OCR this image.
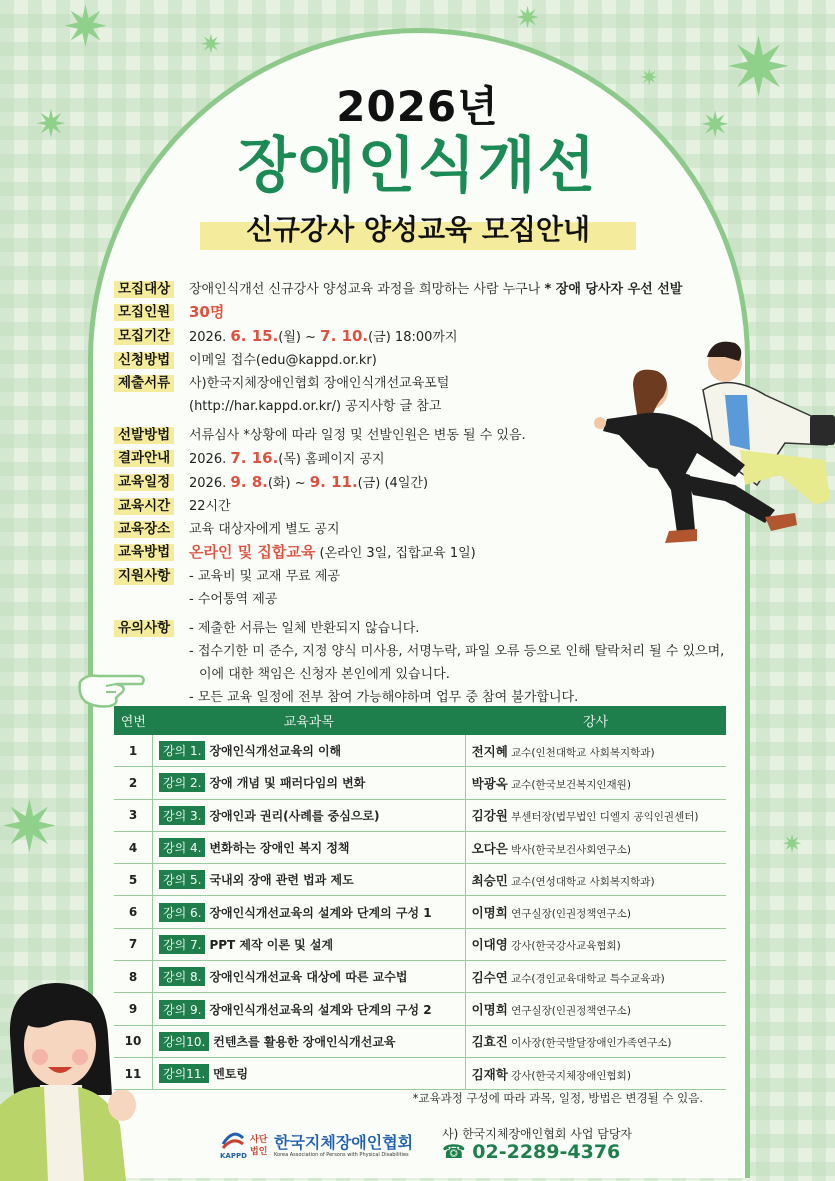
✷	✷
✷
✷
✷
✷
✷
✷	✷
2026년
장애인식개선
신규강사 양성교육 모집안내
모집대상	장애인식개선 신규강사 양성교육 과정을 희망하는 사람 누구나 * 장애 당사자 우선 선발
모집인원 30명
모집기간	2026. 6. 15.(월) ~ 7. 10.(금) 18:00까지
신청방법	이메일 접수(edu@kappd.or.kr)
제출서류	사)한국지체장애인협회 장애인식개선교육포털
(http://har.kappd.or.kr/) 공지사항 글 참고
선발방법	서류심사 *상황에 따라 일정 및 선발인원은 변동 될 수 있음.
결과안내	2026. 7. 16.(목) 홈페이지 공지
교육일정	2026. 9. 8.(화) ~ 9. 11.(금) (4일간)
교육시간	22시간
교육장소	교육 대상자에게 별도 공지
교육방법 온라인 및 집합교육 (온라인 3일, 집합교육 1일)
지원사항	- 교육비 및 교재 무료 제공
- 수어통역 제공
유의사항	- 제출한 서류는 일체 반환되지 않습니다.
- 접수기한 미 준수, 지정 양식 미사용, 서명누락, 파일 오류 등으로 인해 탈락처리 될 수 있으며,
이에 대한 책임은 신청자 본인에게 있습니다.
- 모든 교육 일정에 전부 참여 가능해야하며 업무 중 참여 불가합니다.
연번	교육과목	강사
1	강의 1. 장애인식개선교육의 이해	전지혜 교수(인천대학교 사회복지학과)
2	강의 2. 장애 개념 및 패러다임의 변화	박광옥 교수(한국보건복지인재원)
3	강의 3. 장애인과 권리(사례를 중심으로)	김강원 부센터장(법무법인 디엘지 공익인권센터)
4	강의 4. 변화하는 장애인 복지 정책	오다은 박사(한국보건사회연구소)
5	강의 5. 국내외 장애 관련 법과 제도	최승민 교수(연성대학교 사회복지학과)
6	강의 6. 장애인식개선교육의 설계와 단계의 구성 1	이명희 연구실장(인권정책연구소)
7	강의 7. PPT 제작 이론 및 설계	이대영 강사(한국강사교육협회)
8	강의 8. 장애인식개선교육 대상에 따른 교수법	김수연 교수(경인교육대학교 특수교육과)
9	강의 9. 장애인식개선교육의 설계와 단계의 구성 2	이명희 연구실장(인권정책연구소)
10	강의10. 컨텐츠를 활용한 장애인식개선교육	김효진 이사장(한국발달장애인가족연구소)
11	강의11. 멘토링	김재학 강사(한국지체장애인협회)
*교육과정 구성에 따라 과목, 일정, 방법은 변경될 수 있음.
KAPPD
사단
법인 한국지체장애인협회
Korea Association of Persons with Physical Disabilities
사) 한국지체장애인협회 사업 담당자
☎ 02-2289-4376
